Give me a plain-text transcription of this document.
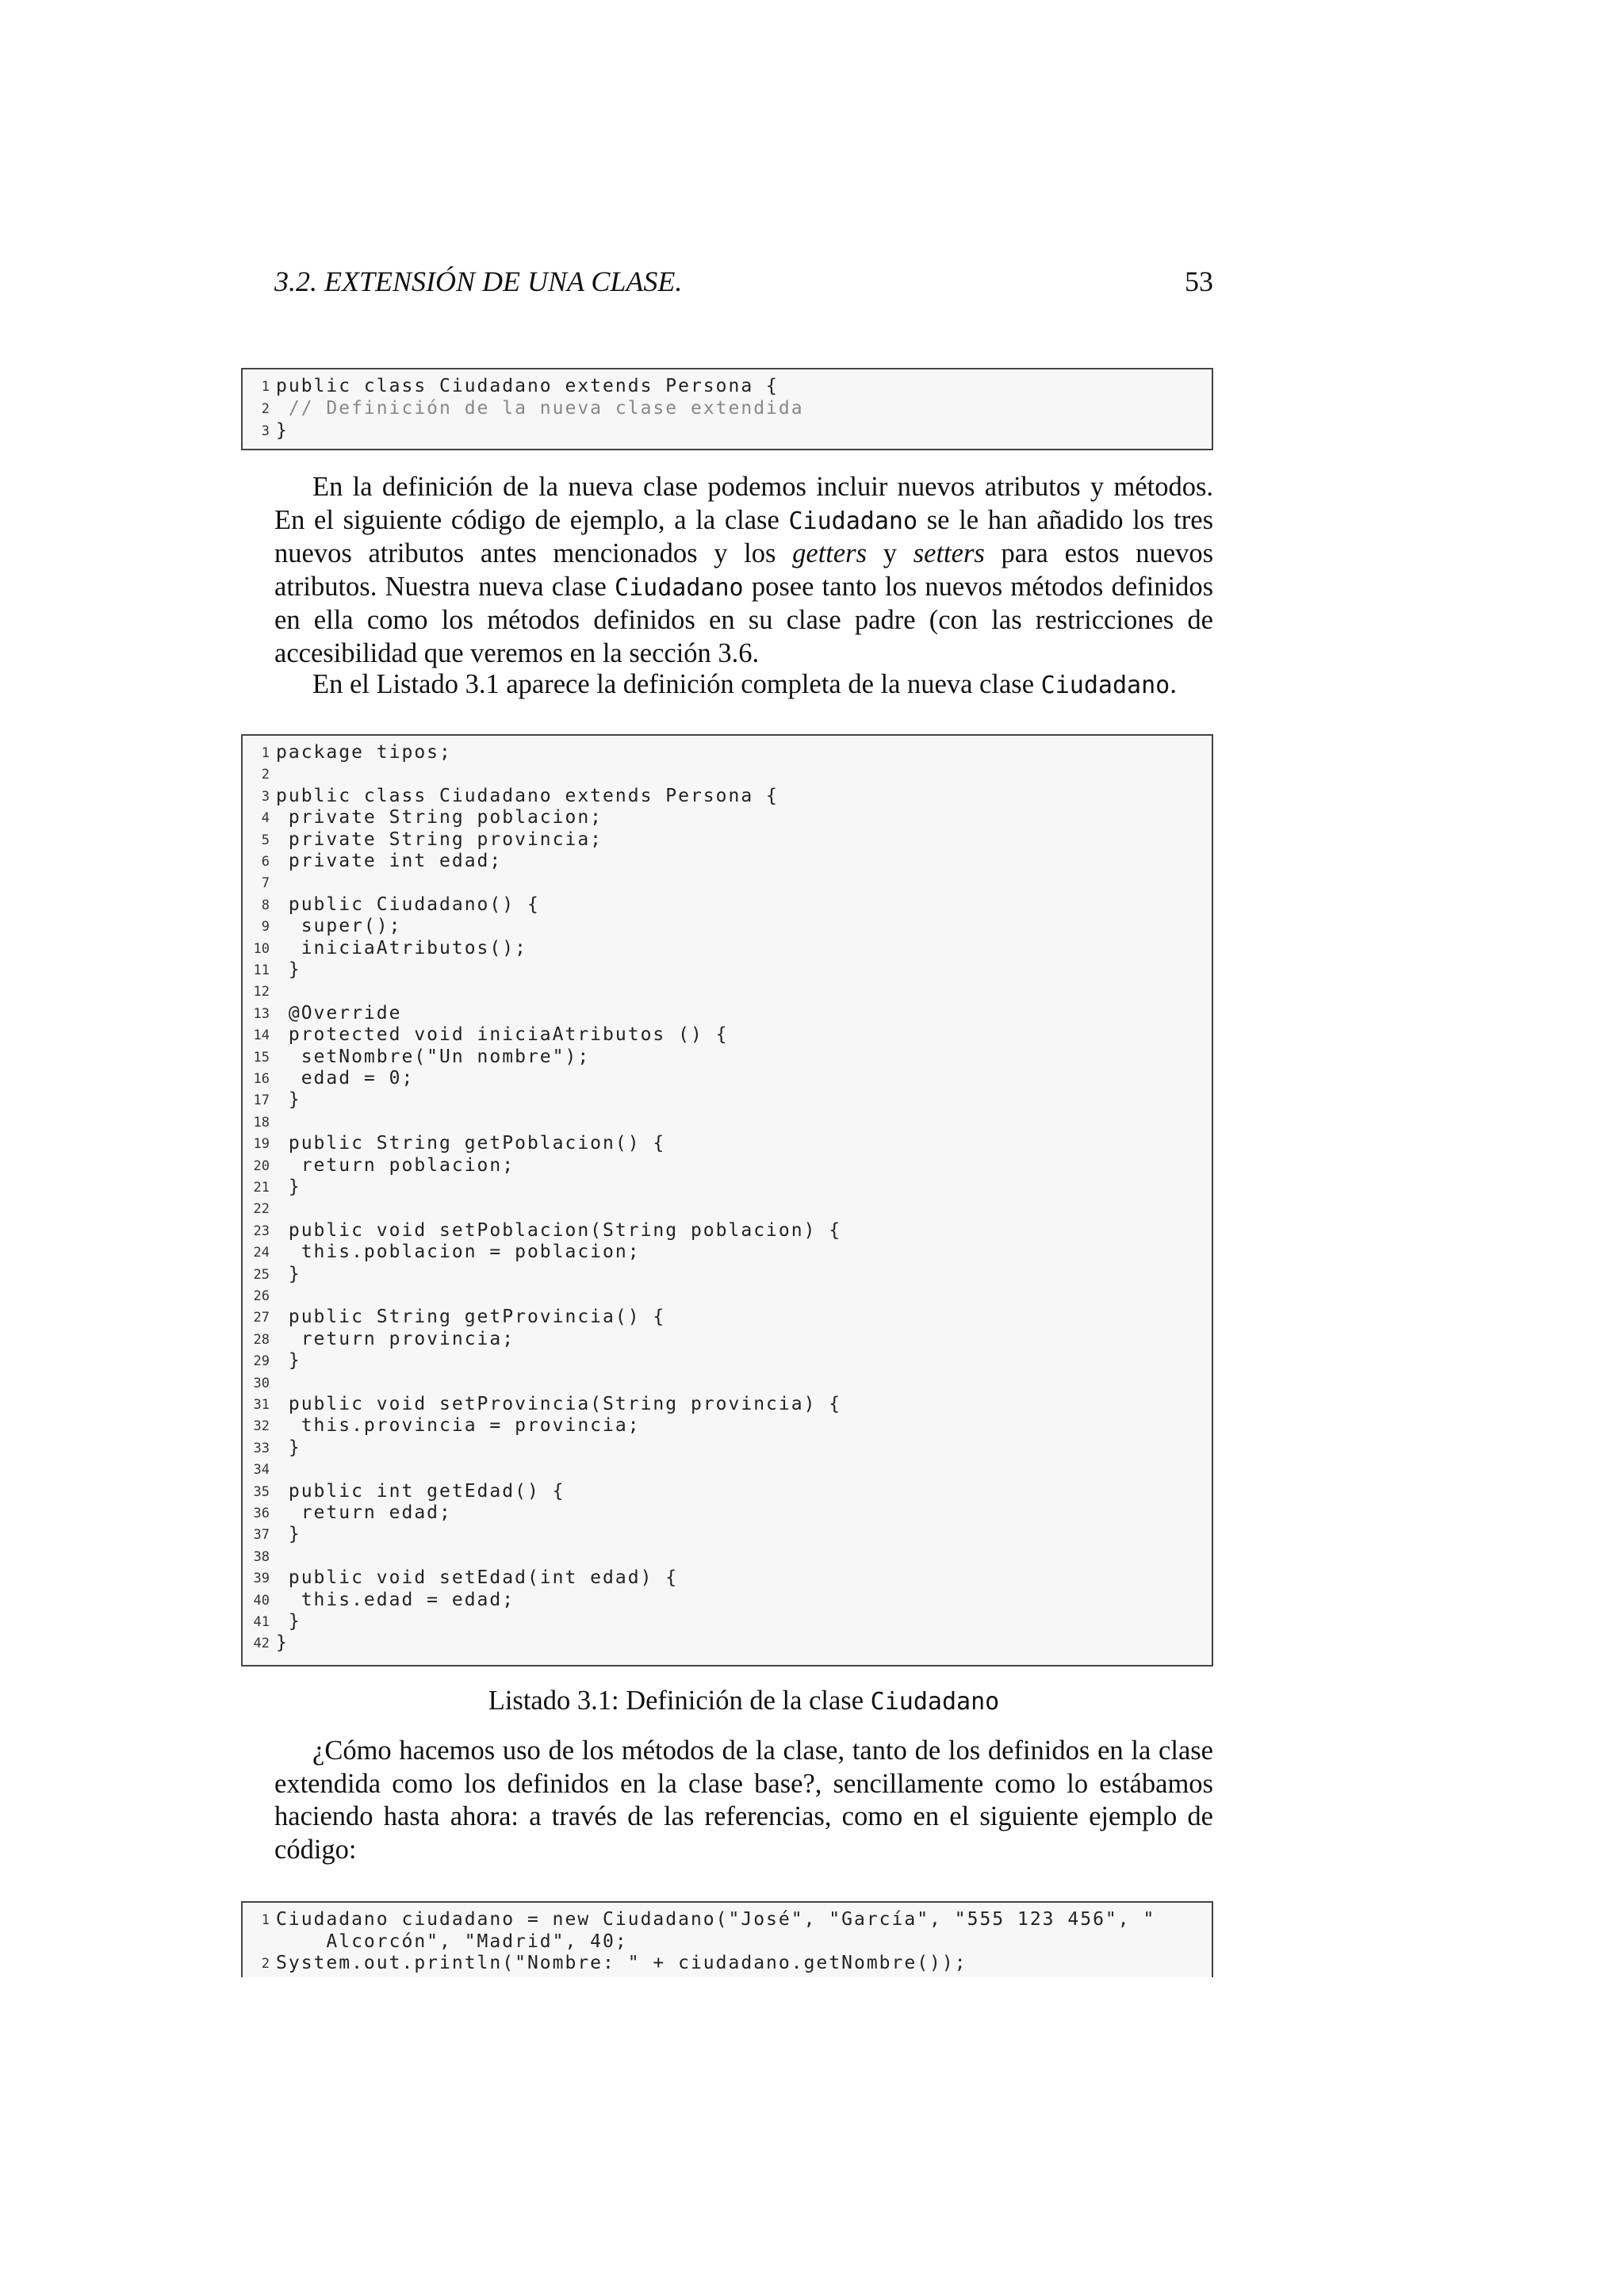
3.2. EXTENSIÓN DE UNA CLASE.	53
1 public class Ciudadano extends Persona {
2 // Definición de la nueva clase extendida
3 }

En la definición de la nueva clase podemos incluir nuevos atributos y métodos. En el siguiente código de ejemplo, a la clase Ciudadano se le han añadido los tres nuevos atributos antes mencionados y los getters y setters para estos nuevos atributos. Nuestra nueva clase Ciudadano posee tanto los nuevos métodos definidos en ella como los métodos definidos en su clase padre (con las restricciones de accesibilidad que veremos en la sección 3.6.

En el Listado 3.1 aparece la definición completa de la nueva clase Ciudadano.

1 package tipos;
2
3 public class Ciudadano extends Persona {
4 private String poblacion;
5 private String provincia;
6 private int edad;
7
8 public Ciudadano() {
9 super();
10 iniciaAtributos();
11 }
12
13 @Override
14 protected void iniciaAtributos () {
15 setNombre("Un nombre");
16 edad = 0;
17 }
18
19 public String getPoblacion() {
20 return poblacion;
21 }
22
23 public void setPoblacion(String poblacion) {
24 this.poblacion = poblacion;
25 }
26
27 public String getProvincia() {
28 return provincia;
29 }
30
31 public void setProvincia(String provincia) {
32 this.provincia = provincia;
33 }
34
35 public int getEdad() {
36 return edad;
37 }
38
39 public void setEdad(int edad) {
40 this.edad = edad;
41 }
42 }
Listado 3.1: Definición de la clase Ciudadano

¿Cómo hacemos uso de los métodos de la clase, tanto de los definidos en la clase extendida como los definidos en la clase base?, sencillamente como lo estábamos haciendo hasta ahora: a través de las referencias, como en el siguiente ejemplo de código:

1 Ciudadano ciudadano = new Ciudadano("José", "García", "555 123 456", "
Alcorcón", "Madrid", 40;
2 System.out.println("Nombre: " + ciudadano.getNombre());
